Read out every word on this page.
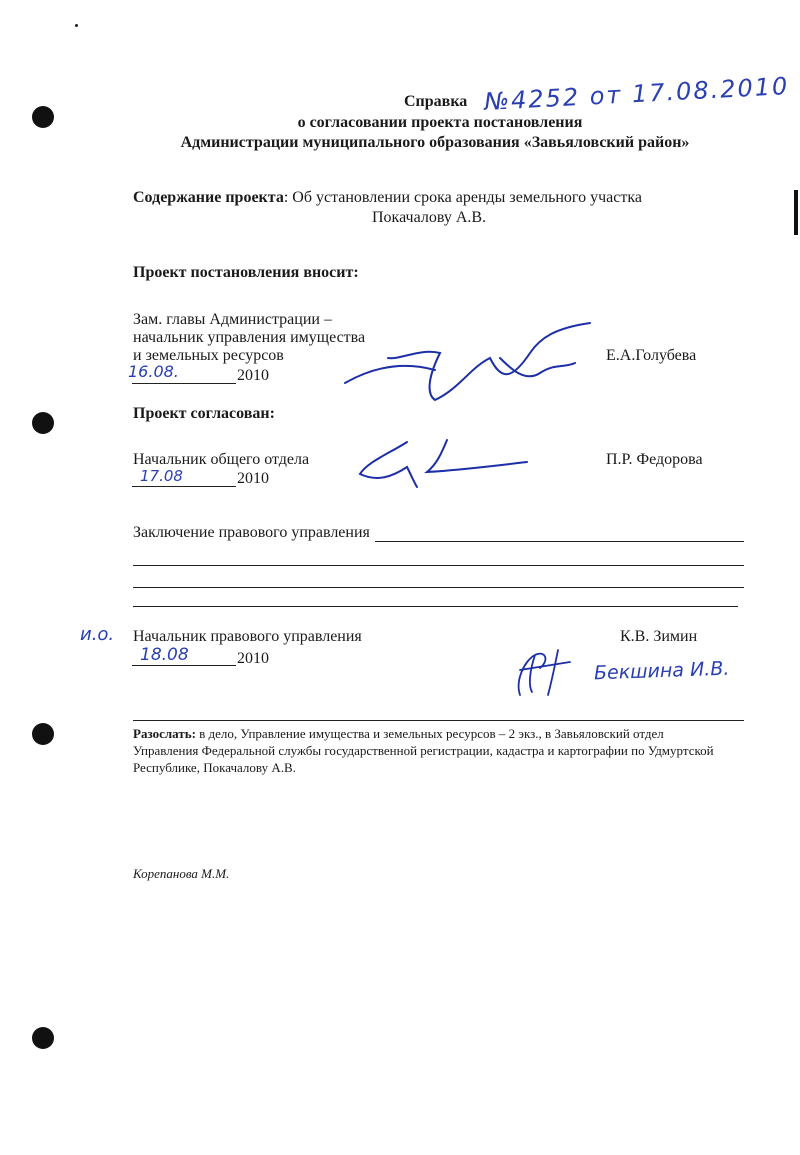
Справка №4252 от 17.08.2010
о согласовании проекта постановления
Администрации муниципального образования «Завьяловский район»
Содержание проекта: Об установлении срока аренды земельного участка
Покачалову А.В.
Проект постановления вносит:
Зам. главы Администрации –
начальник управления имущества
и земельных ресурсов
16.08.	2010
Е.А.Голубева
Проект согласован:
Начальник общего отдела
17.08	2010
П.Р. Федорова
Заключение правового управления
и.о. Начальник правового управления
18.08	2010
К.В. Зимин
Бекшина И.В.
Разослать: в дело, Управление имущества и земельных ресурсов – 2 экз., в Завьяловский отдел
Управления Федеральной службы государственной регистрации, кадастра и картографии по Удмуртской
Республике, Покачалову А.В.
Корепанова М.М.
